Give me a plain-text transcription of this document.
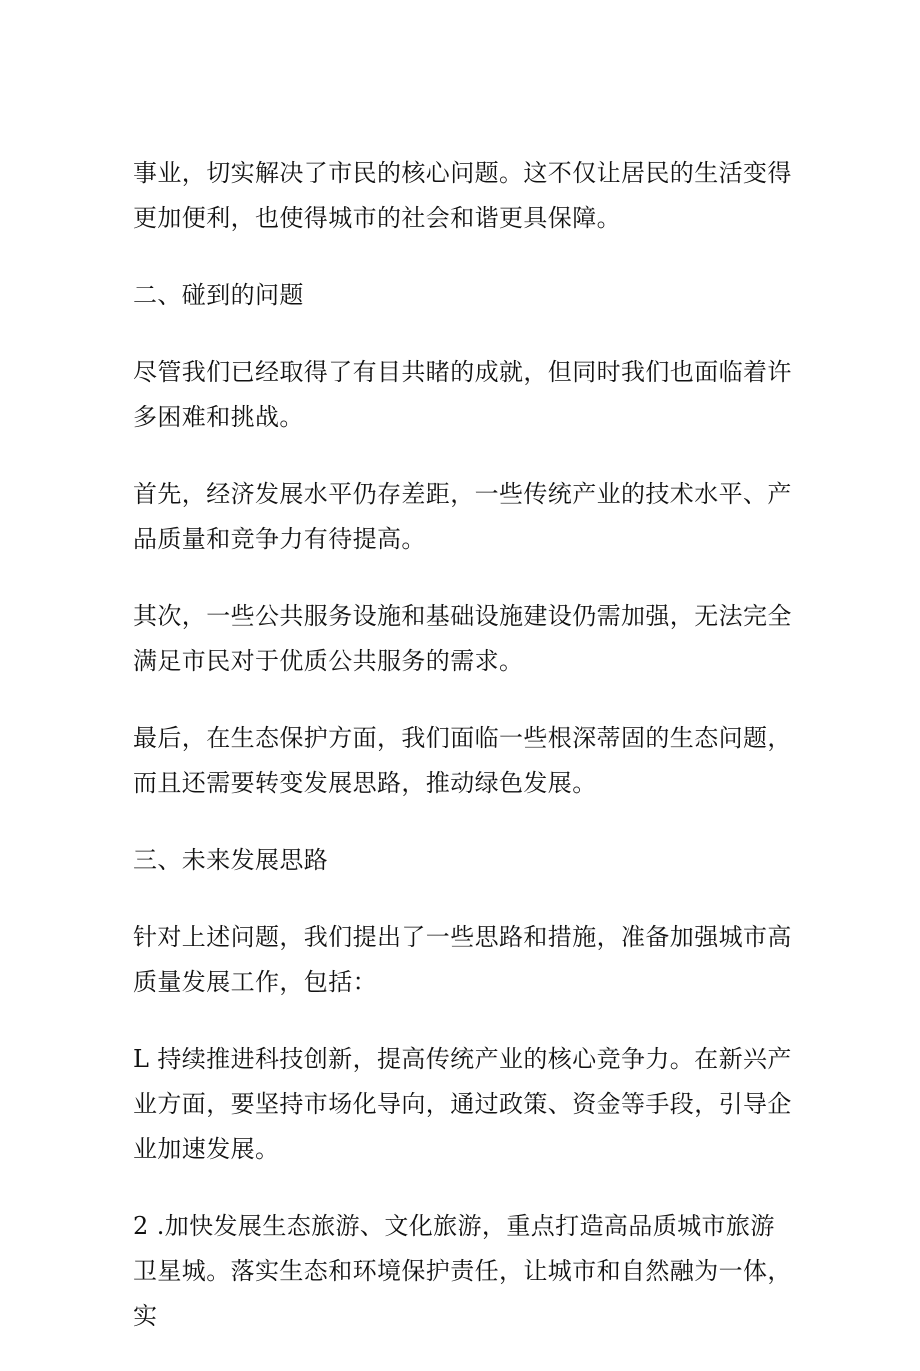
事业，切实解决了市民的核心问题。这不仅让居民的生活变得更加便利，也使得城市的社会和谐更具保障。

二、碰到的问题

尽管我们已经取得了有目共睹的成就，但同时我们也面临着许多困难和挑战。

首先，经济发展水平仍存差距，一些传统产业的技术水平、产品质量和竞争力有待提高。

其次，一些公共服务设施和基础设施建设仍需加强，无法完全满足市民对于优质公共服务的需求。

最后，在生态保护方面，我们面临一些根深蒂固的生态问题，而且还需要转变发展思路，推动绿色发展。

三、未来发展思路

针对上述问题，我们提出了一些思路和措施，准备加强城市高质量发展工作，包括：

L 持续推进科技创新，提高传统产业的核心竞争力。在新兴产业方面，要坚持市场化导向，通过政策、资金等手段，引导企业加速发展。

2 .加快发展生态旅游、文化旅游，重点打造高品质城市旅游卫星城。落实生态和环境保护责任，让城市和自然融为一体，实
